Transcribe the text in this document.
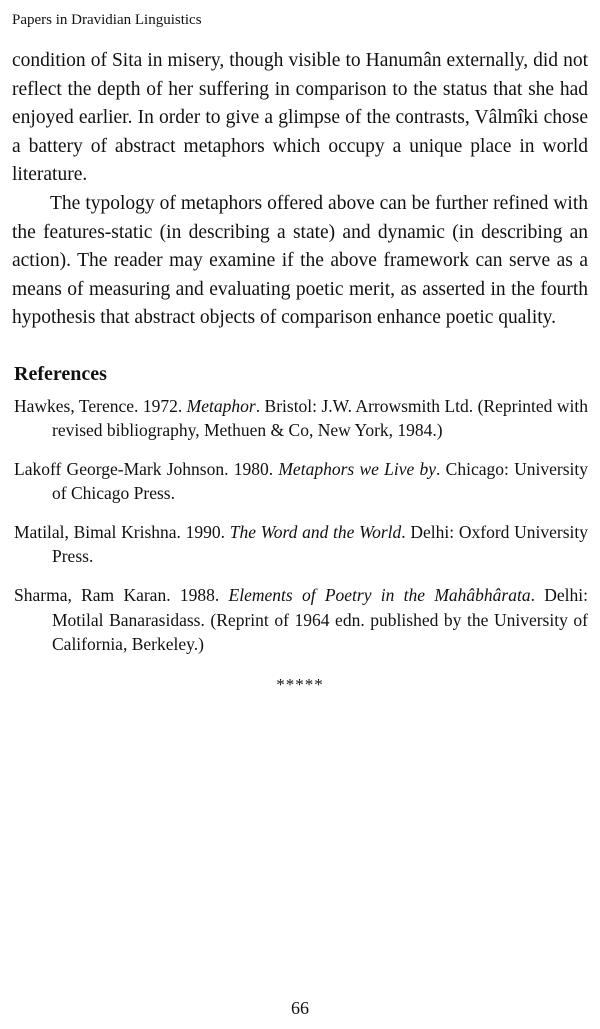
Papers in Dravidian Linguistics

condition of Sita in misery, though visible to Hanumân externally, did not reflect the depth of her suffering in comparison to the status that she had enjoyed earlier. In order to give a glimpse of the contrasts, Vâlmîki chose a battery of abstract metaphors which occupy a unique place in world literature.

The typology of metaphors offered above can be further refined with the features-static (in describing a state) and dynamic (in describing an action). The reader may examine if the above framework can serve as a means of measuring and evaluating poetic merit, as asserted in the fourth hypothesis that abstract objects of comparison enhance poetic quality.

References

Hawkes, Terence. 1972. Metaphor. Bristol: J.W. Arrowsmith Ltd. (Reprinted with revised bibliography, Methuen & Co, New York, 1984.)

Lakoff George-Mark Johnson. 1980. Metaphors we Live by. Chicago: University of Chicago Press.

Matilal, Bimal Krishna. 1990. The Word and the World. Delhi: Oxford University Press.

Sharma, Ram Karan. 1988. Elements of Poetry in the Mahâbhârata. Delhi: Motilal Banarasidass. (Reprint of 1964 edn. published by the University of California, Berkeley.)

*****
66
